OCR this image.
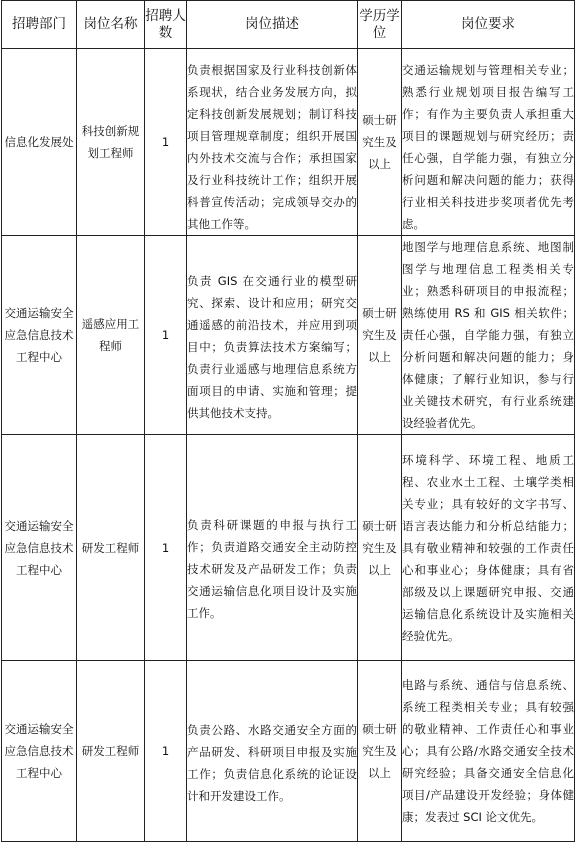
招聘部门	岗位名称	招聘人数	岗位描述	学历学位	岗位要求
信息化发展处	科技创新规划工程师	1	负责根据国家及行业科技创新体系现状，结合业务发展方向，拟定科技创新发展规划；制订科技项目管理规章制度；组织开展国内外技术交流与合作；承担国家及行业科技统计工作；组织开展科普宣传活动；完成领导交办的其他工作等。	硕士研究生及以上	交通运输规划与管理相关专业；熟悉行业规划项目报告编写工作；有作为主要负责人承担重大项目的课题规划与研究经历；责任心强，自学能力强，有独立分析问题和解决问题的能力；获得行业相关科技进步奖项者优先考虑。
交通运输安全应急信息技术工程中心	遥感应用工程师	1	负责 GIS 在交通行业的模型研究、探索、设计和应用；研究交通遥感的前沿技术，并应用到项目中；负责算法技术方案编写；负责行业遥感与地理信息系统方面项目的申请、实施和管理；提供其他技术支持。	硕士研究生及以上	地图学与地理信息系统、地图制图学与地理信息工程类相关专业；熟悉科研项目的申报流程；熟练使用 RS 和 GIS 相关软件；责任心强，自学能力强，有独立分析问题和解决问题的能力；身体健康；了解行业知识，参与行业关键技术研究，有行业系统建设经验者优先。
交通运输安全应急信息技术工程中心	研发工程师	1	负责科研课题的申报与执行工作；负责道路交通安全主动防控技术研发及产品研发工作；负责交通运输信息化项目设计及实施工作。	硕士研究生及以上	环境科学、环境工程、地质工程、农业水土工程、土壤学类相关专业；具有较好的文字书写、语言表达能力和分析总结能力；具有敬业精神和较强的工作责任心和事业心；身体健康；具有省部级及以上课题研究申报、交通运输信息化系统设计及实施相关经验优先。
交通运输安全应急信息技术工程中心	研发工程师	1	负责公路、水路交通安全方面的产品研发、科研项目申报及实施工作；负责信息化系统的论证设计和开发建设工作。	硕士研究生及以上	电路与系统、通信与信息系统、系统工程类相关专业；具有较强的敬业精神、工作责任心和事业心；具有公路/水路交通安全技术研究经验；具备交通安全信息化项目/产品建设开发经验；身体健康；发表过 SCI 论文优先。
